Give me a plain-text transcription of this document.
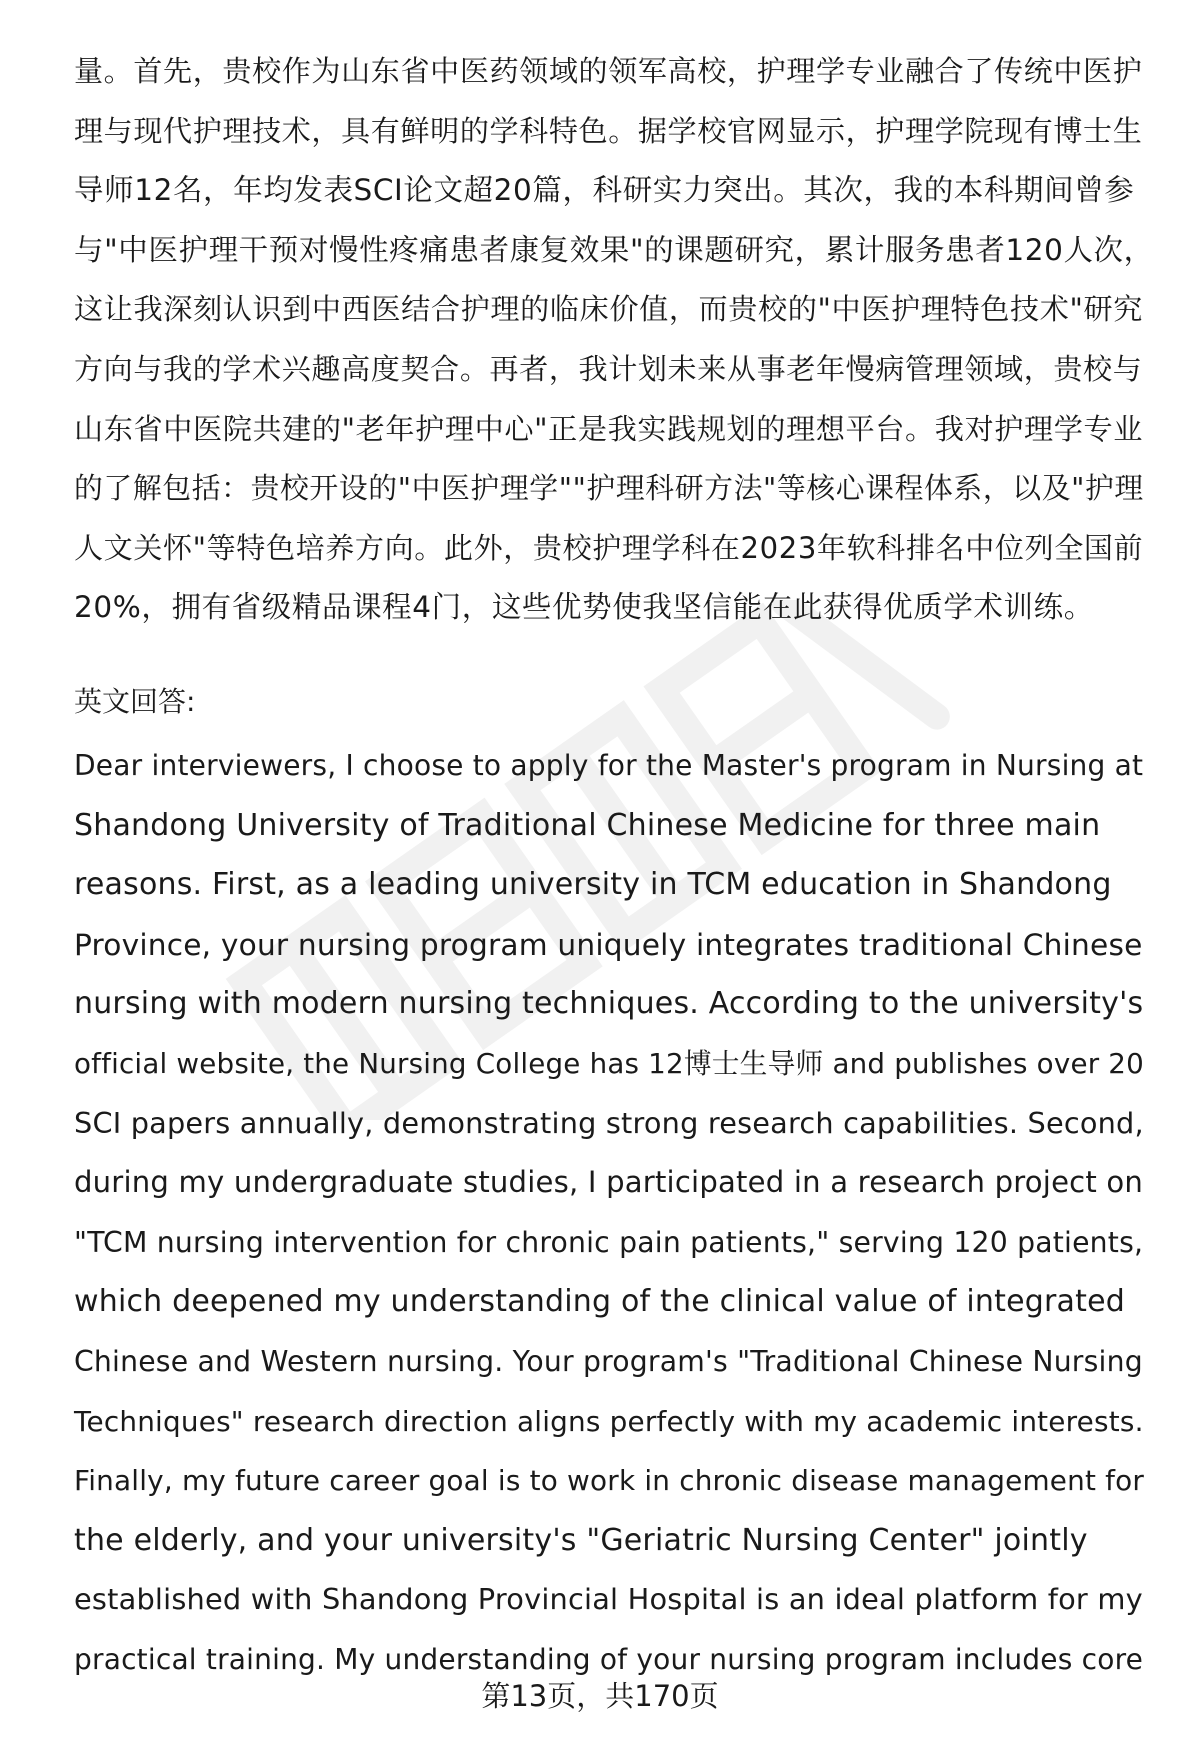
量。首先，贵校作为山东省中医药领域的领军高校，护理学专业融合了传统中医护
理与现代护理技术，具有鲜明的学科特色。据学校官网显示，护理学院现有博士生
导师12名，年均发表SCI论文超20篇，科研实力突出。其次，我的本科期间曾参
与"中医护理干预对慢性疼痛患者康复效果"的课题研究，累计服务患者120人次，
这让我深刻认识到中西医结合护理的临床价值，而贵校的"中医护理特色技术"研究
方向与我的学术兴趣高度契合。再者，我计划未来从事老年慢病管理领域，贵校与
山东省中医院共建的"老年护理中心"正是我实践规划的理想平台。我对护理学专业
的了解包括：贵校开设的"中医护理学""护理科研方法"等核心课程体系，以及"护理
人文关怀"等特色培养方向。此外，贵校护理学科在2023年软科排名中位列全国前
20%，拥有省级精品课程4门，这些优势使我坚信能在此获得优质学术训练。
英文回答:
Dear interviewers, I choose to apply for the Master's program in Nursing at
Shandong University of Traditional Chinese Medicine for three main
reasons. First, as a leading university in TCM education in Shandong
Province, your nursing program uniquely integrates traditional Chinese
nursing with modern nursing techniques. According to the university's
official website, the Nursing College has 12博士生导师 and publishes over 20
SCI papers annually, demonstrating strong research capabilities. Second,
during my undergraduate studies, I participated in a research project on
"TCM nursing intervention for chronic pain patients," serving 120 patients,
which deepened my understanding of the clinical value of integrated
Chinese and Western nursing. Your program's "Traditional Chinese Nursing
Techniques" research direction aligns perfectly with my academic interests.
Finally, my future career goal is to work in chronic disease management for
the elderly, and your university's "Geriatric Nursing Center" jointly
established with Shandong Provincial Hospital is an ideal platform for my
practical training. My understanding of your nursing program includes core
第13页，共170页
